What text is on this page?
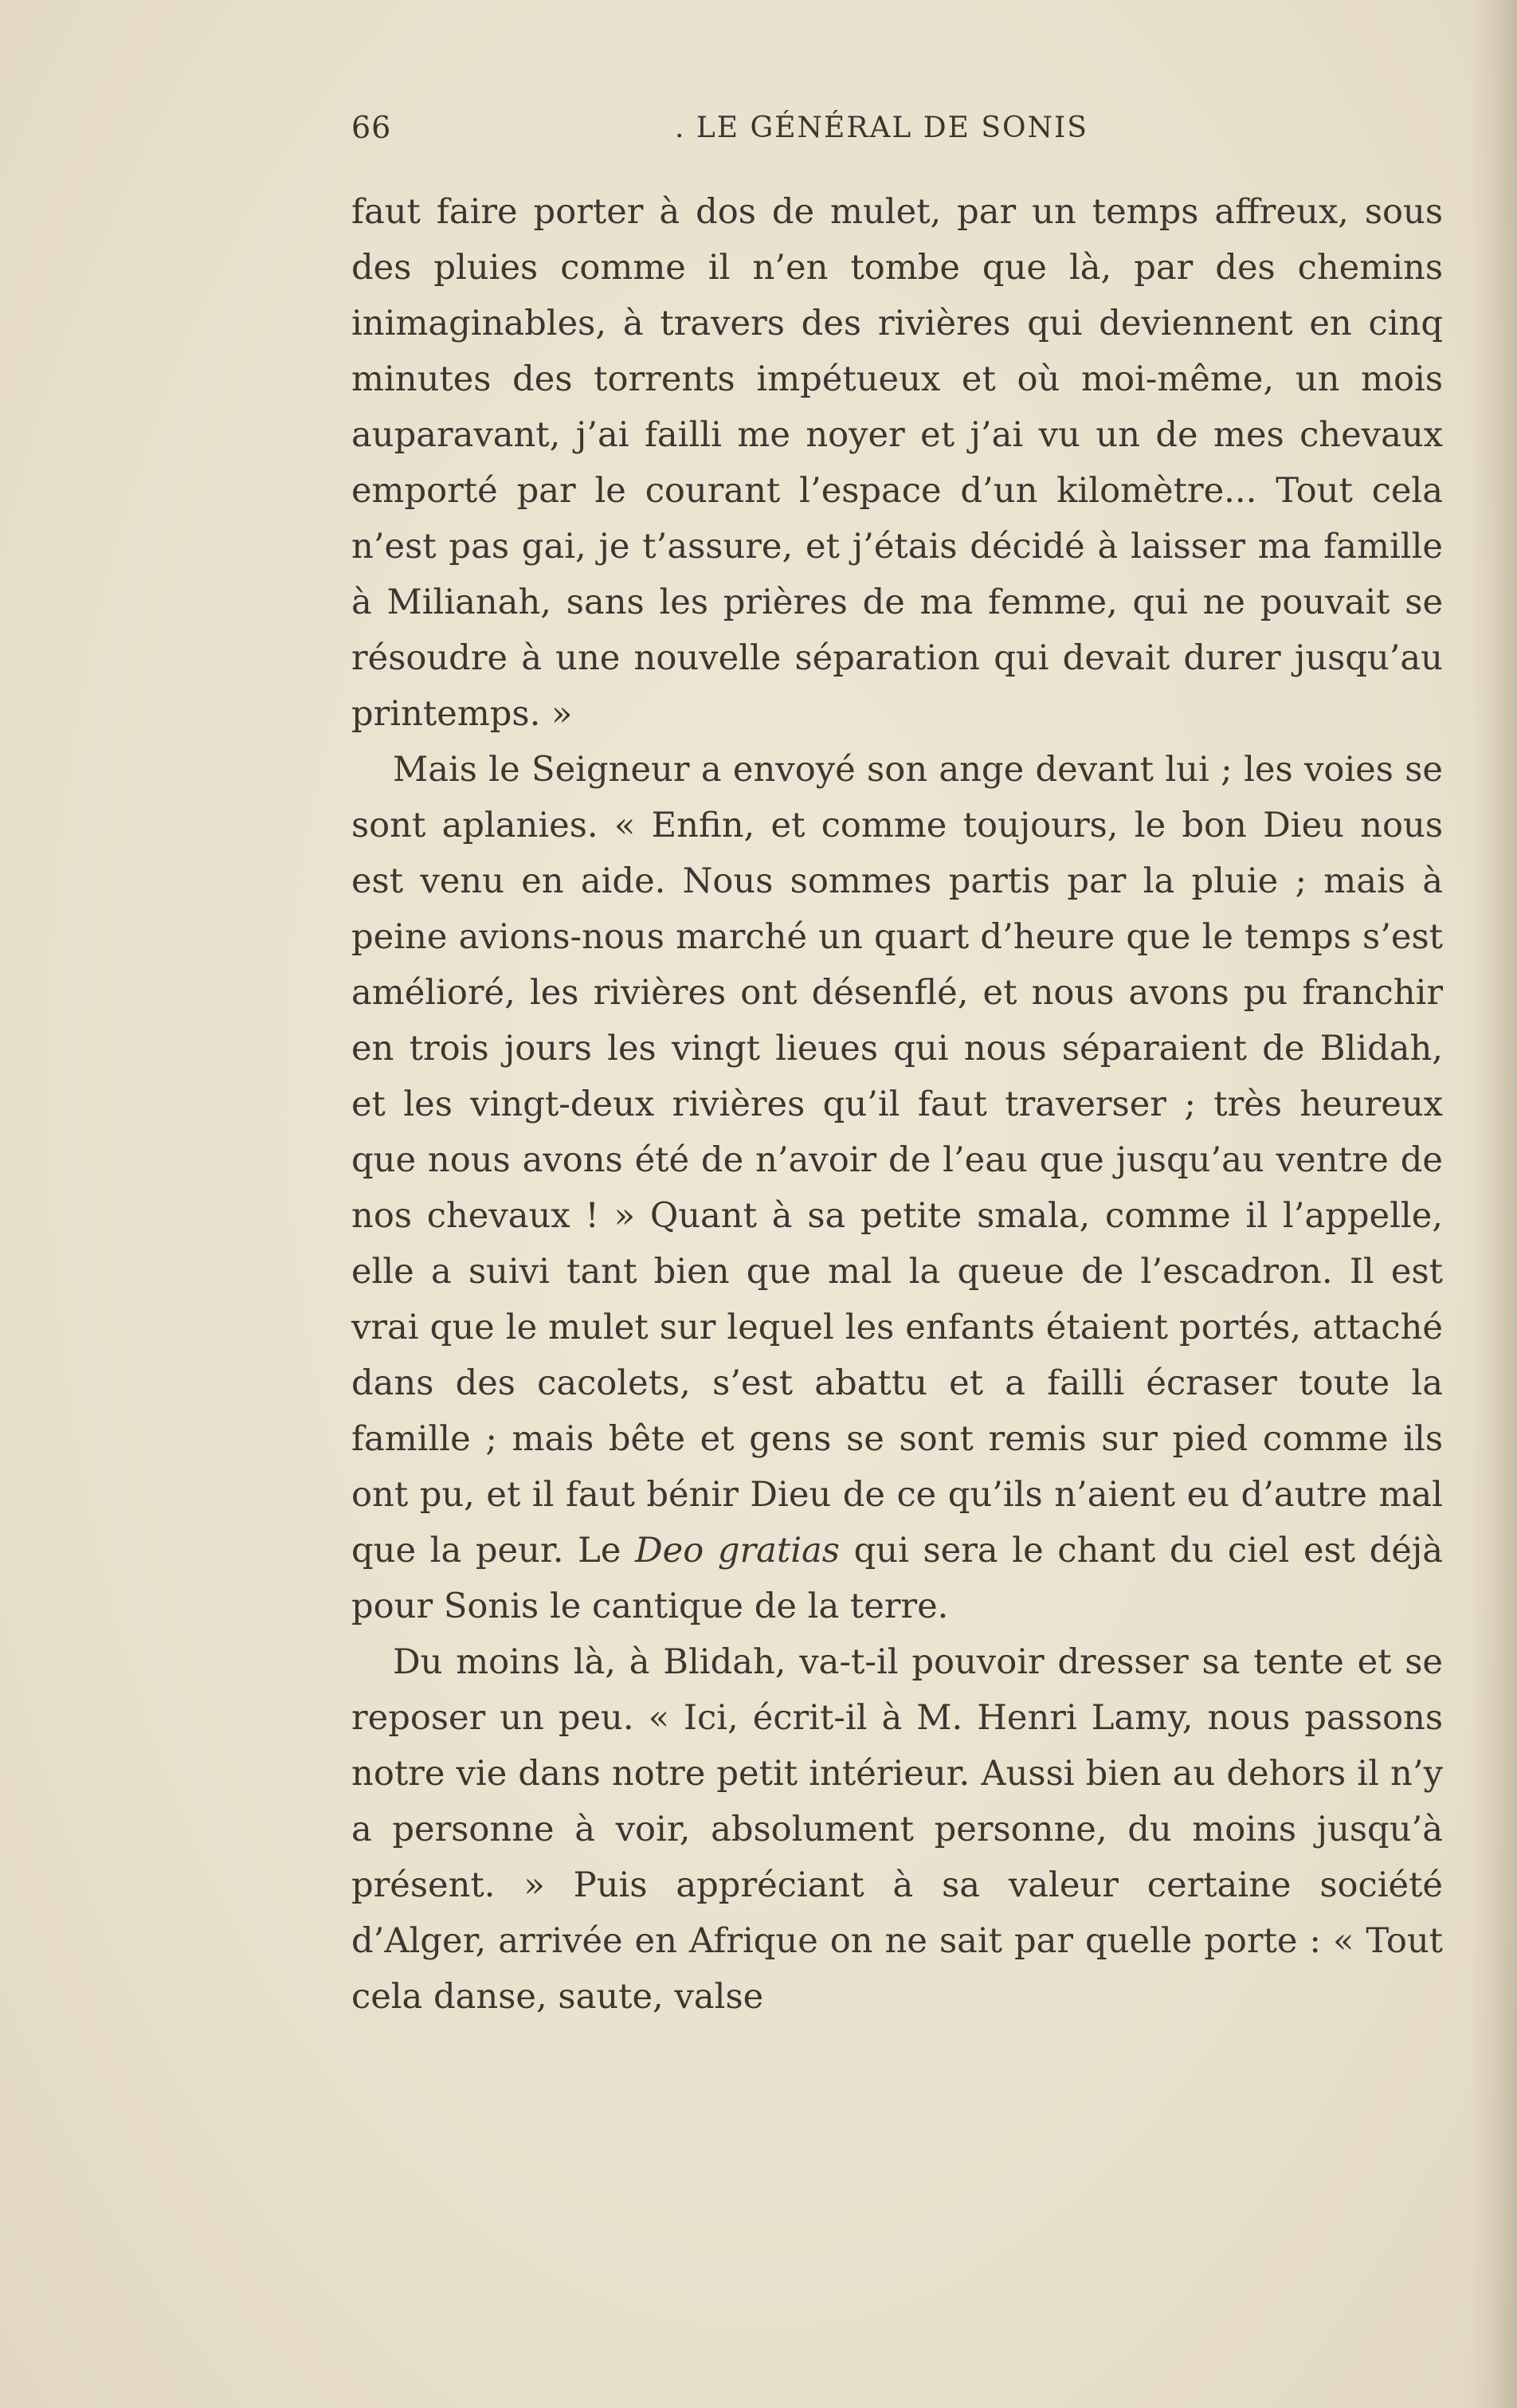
66	. LE GÉNÉRAL DE SONIS

faut faire porter à dos de mulet, par un temps affreux, sous des pluies comme il n’en tombe que là, par des chemins inimaginables, à travers des rivières qui deviennent en cinq minutes des torrents impétueux et où moi-même, un mois auparavant, j’ai failli me noyer et j’ai vu un de mes chevaux emporté par le courant l’espace d’un kilomètre... Tout cela n’est pas gai, je t’assure, et j’étais décidé à laisser ma famille à Milianah, sans les prières de ma femme, qui ne pouvait se résoudre à une nouvelle séparation qui devait durer jusqu’au printemps. »

Mais le Seigneur a envoyé son ange devant lui ; les voies se sont aplanies. « Enfin, et comme toujours, le bon Dieu nous est venu en aide. Nous sommes partis par la pluie ; mais à peine avions-nous marché un quart d’heure que le temps s’est amélioré, les rivières ont désenflé, et nous avons pu franchir en trois jours les vingt lieues qui nous séparaient de Blidah, et les vingt-deux rivières qu’il faut traverser ; très heureux que nous avons été de n’avoir de l’eau que jusqu’au ventre de nos chevaux ! » Quant à sa petite smala, comme il l’appelle, elle a suivi tant bien que mal la queue de l’escadron. Il est vrai que le mulet sur lequel les enfants étaient portés, attaché dans des cacolets, s’est abattu et a failli écraser toute la famille ; mais bête et gens se sont remis sur pied comme ils ont pu, et il faut bénir Dieu de ce qu’ils n’aient eu d’autre mal que la peur. Le Deo gratias qui sera le chant du ciel est déjà pour Sonis le cantique de la terre.

Du moins là, à Blidah, va-t-il pouvoir dresser sa tente et se reposer un peu. « Ici, écrit-il à M. Henri Lamy, nous passons notre vie dans notre petit intérieur. Aussi bien au dehors il n’y a personne à voir, absolument personne, du moins jusqu’à présent. » Puis appréciant à sa valeur certaine société d’Alger, arrivée en Afrique on ne sait par quelle porte : « Tout cela danse, saute, valse
